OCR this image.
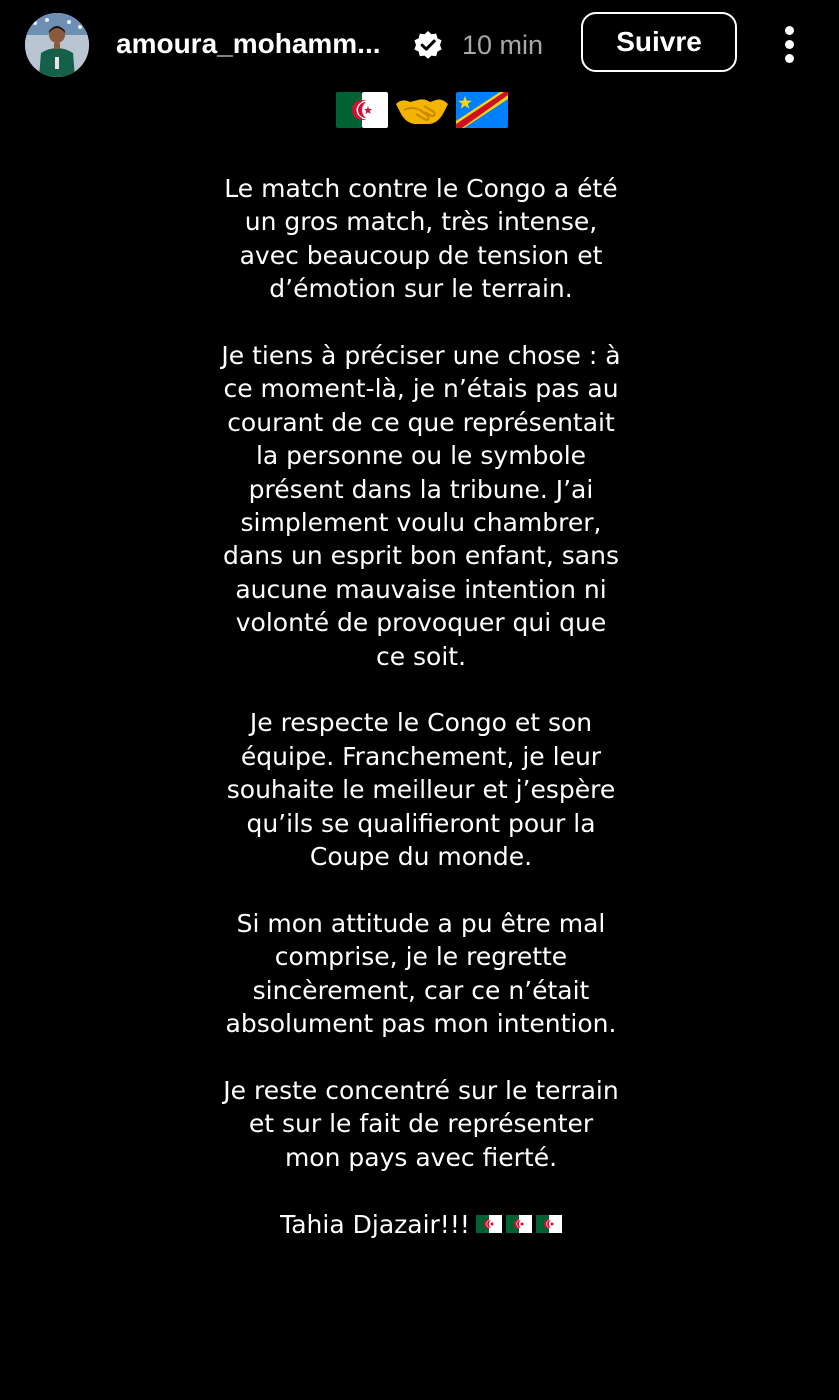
amoura_mohamm...	10 min	Suivre

Le match contre le Congo a été un gros match, très intense, avec beaucoup de tension et d’émotion sur le terrain.

Je tiens à préciser une chose : à ce moment-là, je n’étais pas au courant de ce que représentait la personne ou le symbole présent dans la tribune. J’ai simplement voulu chambrer, dans un esprit bon enfant, sans aucune mauvaise intention ni volonté de provoquer qui que ce soit.

Je respecte le Congo et son équipe. Franchement, je leur souhaite le meilleur et j’espère qu’ils se qualifieront pour la Coupe du monde.

Si mon attitude a pu être mal comprise, je le regrette sincèrement, car ce n’était absolument pas mon intention.

Je reste concentré sur le terrain et sur le fait de représenter mon pays avec fierté.

Tahia Djazair!!!
